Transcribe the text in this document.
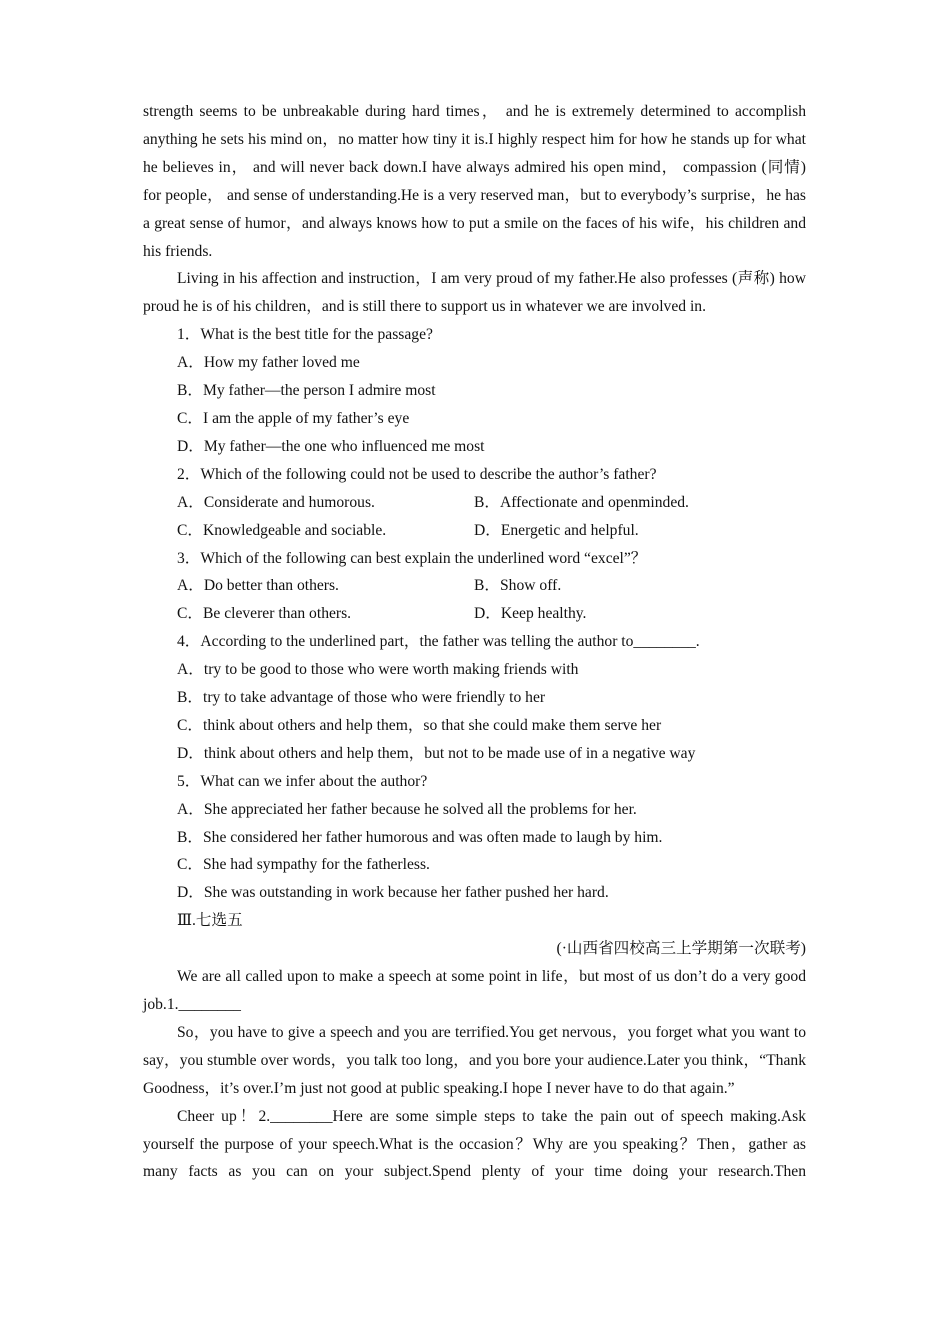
strength seems to be unbreakable during hard times， and he is extremely determined to accomplish anything he sets his mind on，no matter how tiny it is.I highly respect him for how he stands up for what he believes in， and will never back down.I have always admired his open mind， compassion (同情) for people， and sense of understanding.He is a very reserved man，but to everybody’s surprise，he has a great sense of humor，and always knows how to put a smile on the faces of his wife，his children and his friends.

Living in his affection and instruction，I am very proud of my father.He also professes (声称) how proud he is of his children，and is still there to support us in whatever we are involved in.

1．What is the best title for the passage?

A．How my father loved me

B．My father—the person I admire most

C．I am the apple of my father’s eye

D．My father—the one who influenced me most

2．Which of the following could not be used to describe the author’s father?

A．Considerate and humorous.	B．Affectionate and openminded.
C．Knowledgeable and sociable.	D．Energetic and helpful.

3．Which of the following can best explain the underlined word “excel”？

A．Do better than others.	B．Show off.
C．Be cleverer than others.	D．Keep healthy.

4．According to the underlined part，the father was telling the author to________.

A．try to be good to those who were worth making friends with

B．try to take advantage of those who were friendly to her

C．think about others and help them，so that she could make them serve her

D．think about others and help them，but not to be made use of in a negative way

5．What can we infer about the author?

A．She appreciated her father because he solved all the problems for her.

B．She considered her father humorous and was often made to laugh by him.

C．She had sympathy for the fatherless.

D．She was outstanding in work because her father pushed her hard.

Ⅲ.七选五

(·山西省四校高三上学期第一次联考)

We are all called upon to make a speech at some point in life，but most of us don’t do a very good job.1.________

So，you have to give a speech and you are terrified.You get nervous，you forget what you want to say，you stumble over words，you talk too long，and you bore your audience.Later you think，“Thank Goodness，it’s over.I’m just not good at public speaking.I hope I never have to do that again.”

Cheer up！2.________Here are some simple steps to take the pain out of speech making.Ask yourself the purpose of your speech.What is the occasion？Why are you speaking？Then，gather as many facts as you can on your subject.Spend plenty of your time doing your research.Then
